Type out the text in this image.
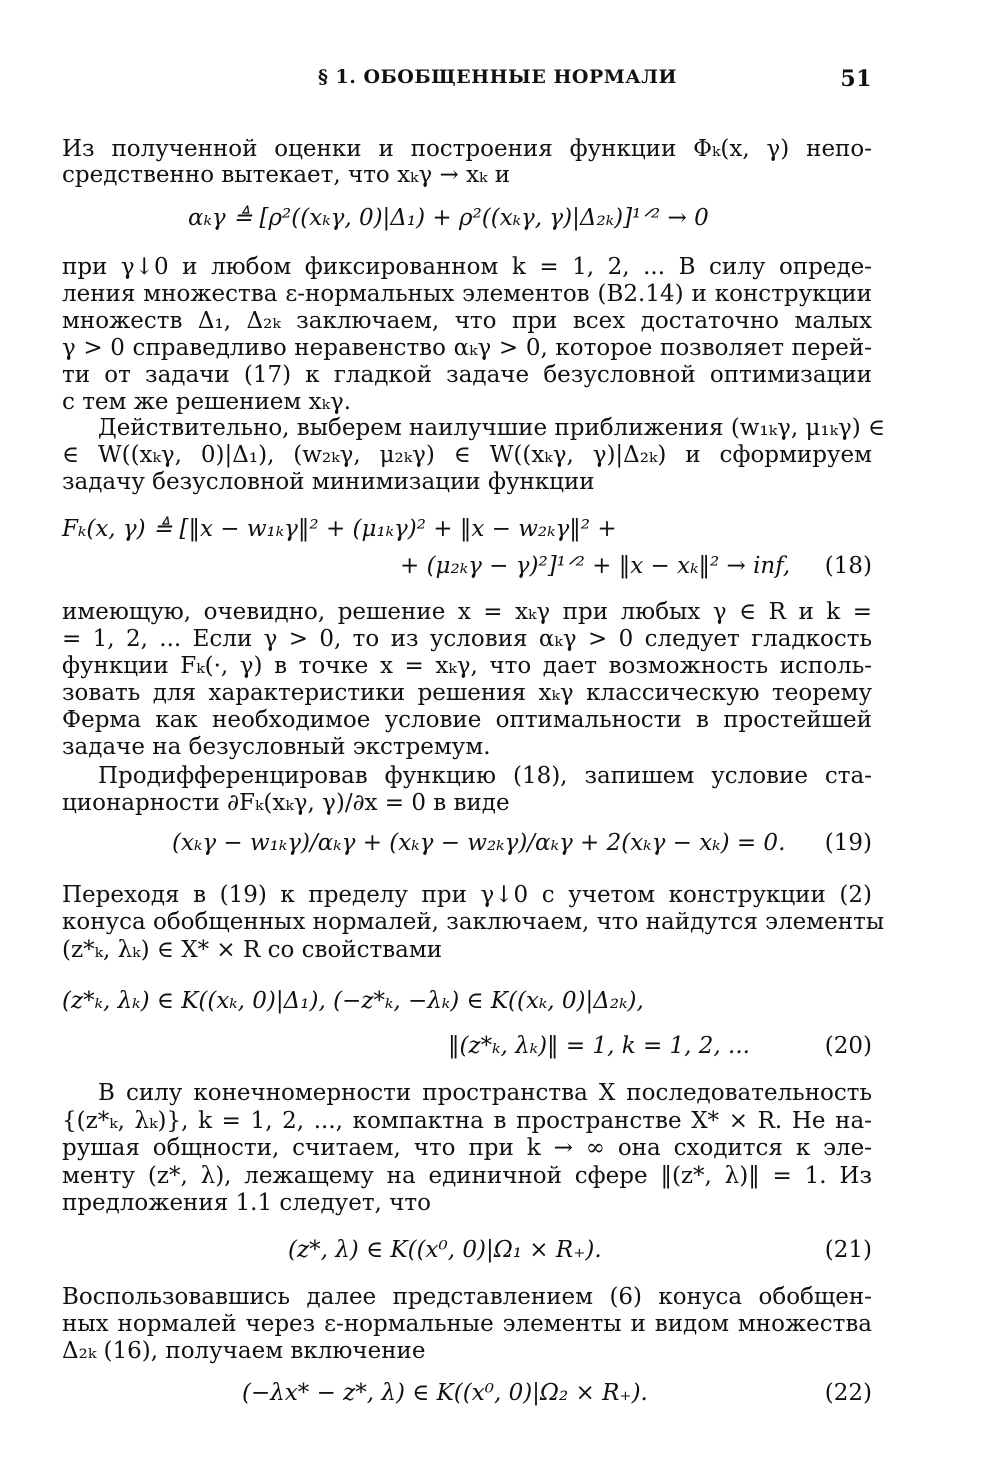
§ 1. ОБОБЩЕННЫЕ НОРМАЛИ	51
Из полученной оценки и построения функции Φₖ(x, γ) непо-
средственно вытекает, что xₖγ → xₖ и
αₖγ ≜ [ρ²((xₖγ, 0)|Δ₁) + ρ²((xₖγ, γ)|Δ₂ₖ)]¹ᐟ² → 0
при γ↓0 и любом фиксированном k = 1, 2, ... В силу опреде-
ления множества ε-нормальных элементов (В2.14) и конструкции
множеств Δ₁, Δ₂ₖ заключаем, что при всех достаточно малых
γ > 0 справедливо неравенство αₖγ > 0, которое позволяет перей-
ти от задачи (17) к гладкой задаче безусловной оптимизации
с тем же решением xₖγ.
Действительно, выберем наилучшие приближения (w₁ₖγ, μ₁ₖγ) ∈
∈ W((xₖγ, 0)|Δ₁), (w₂ₖγ, μ₂ₖγ) ∈ W((xₖγ, γ)|Δ₂ₖ) и сформируем
задачу безусловной минимизации функции
Fₖ(x, γ) ≜ [‖x − w₁ₖγ‖² + (μ₁ₖγ)² + ‖x − w₂ₖγ‖² +
+ (μ₂ₖγ − γ)²]¹ᐟ² + ‖x − xₖ‖² → inf, (18)
имеющую, очевидно, решение x = xₖγ при любых γ ∈ R и k =
= 1, 2, ... Если γ > 0, то из условия αₖγ > 0 следует гладкость
функции Fₖ(·, γ) в точке x = xₖγ, что дает возможность исполь-
зовать для характеристики решения xₖγ классическую теорему
Ферма как необходимое условие оптимальности в простейшей
задаче на безусловный экстремум.
Продифференцировав функцию (18), запишем условие ста-
ционарности ∂Fₖ(xₖγ, γ)/∂x = 0 в виде
(xₖγ − w₁ₖγ)/αₖγ + (xₖγ − w₂ₖγ)/αₖγ + 2(xₖγ − xₖ) = 0. (19)
Переходя в (19) к пределу при γ↓0 с учетом конструкции (2)
конуса обобщенных нормалей, заключаем, что найдутся элементы
(z*ₖ, λₖ) ∈ X* × R со свойствами
(z*ₖ, λₖ) ∈ K((xₖ, 0)|Δ₁), (−z*ₖ, −λₖ) ∈ K((xₖ, 0)|Δ₂ₖ),
‖(z*ₖ, λₖ)‖ = 1, k = 1, 2, ...	(20)
В силу конечномерности пространства X последовательность
{(z*ₖ, λₖ)}, k = 1, 2, ..., компактна в пространстве X* × R. Не на-
рушая общности, считаем, что при k → ∞ она сходится к эле-
менту (z*, λ), лежащему на единичной сфере ‖(z*, λ)‖ = 1. Из
предложения 1.1 следует, что
(z*, λ) ∈ K((x⁰, 0)|Ω₁ × R₊).	(21)
Воспользовавшись далее представлением (6) конуса обобщен-
ных нормалей через ε-нормальные элементы и видом множества
Δ₂ₖ (16), получаем включение
(−λx* − z*, λ) ∈ K((x⁰, 0)|Ω₂ × R₊).	(22)
